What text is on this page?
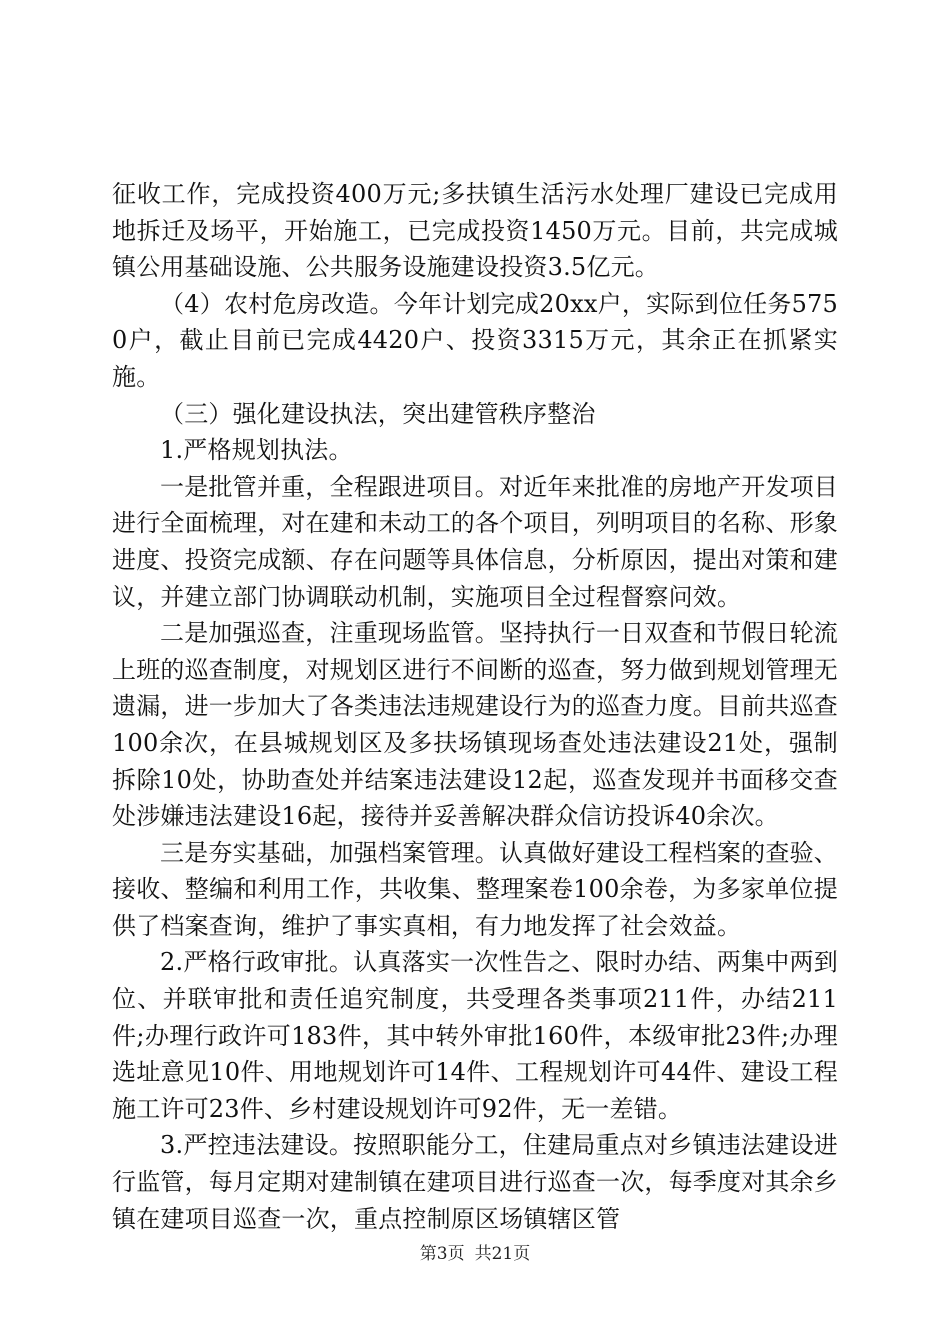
征收工作，完成投资400万元;多扶镇生活污水处理厂建设已完成用地拆迁及场平，开始施工，已完成投资1450万元。目前，共完成城镇公用基础设施、公共服务设施建设投资3.5亿元。

（4）农村危房改造。今年计划完成20xx户，实际到位任务5750户，截止目前已完成4420户、投资3315万元，其余正在抓紧实施。

（三）强化建设执法，突出建管秩序整治

1.严格规划执法。

一是批管并重，全程跟进项目。对近年来批准的房地产开发项目进行全面梳理，对在建和未动工的各个项目，列明项目的名称、形象进度、投资完成额、存在问题等具体信息，分析原因，提出对策和建议，并建立部门协调联动机制，实施项目全过程督察问效。

二是加强巡查，注重现场监管。坚持执行一日双查和节假日轮流上班的巡查制度，对规划区进行不间断的巡查，努力做到规划管理无遗漏，进一步加大了各类违法违规建设行为的巡查力度。目前共巡查100余次，在县城规划区及多扶场镇现场查处违法建设21处，强制拆除10处，协助查处并结案违法建设12起，巡查发现并书面移交查处涉嫌违法建设16起，接待并妥善解决群众信访投诉40余次。

三是夯实基础，加强档案管理。认真做好建设工程档案的查验、接收、整编和利用工作，共收集、整理案卷100余卷，为多家单位提供了档案查询，维护了事实真相，有力地发挥了社会效益。

2.严格行政审批。认真落实一次性告之、限时办结、两集中两到位、并联审批和责任追究制度，共受理各类事项211件，办结211件;办理行政许可183件，其中转外审批160件，本级审批23件;办理选址意见10件、用地规划许可14件、工程规划许可44件、建设工程施工许可23件、乡村建设规划许可92件，无一差错。

3.严控违法建设。按照职能分工，住建局重点对乡镇违法建设进行监管，每月定期对建制镇在建项目进行巡查一次，每季度对其余乡镇在建项目巡查一次，重点控制原区场镇辖区管

第3页 共21页
